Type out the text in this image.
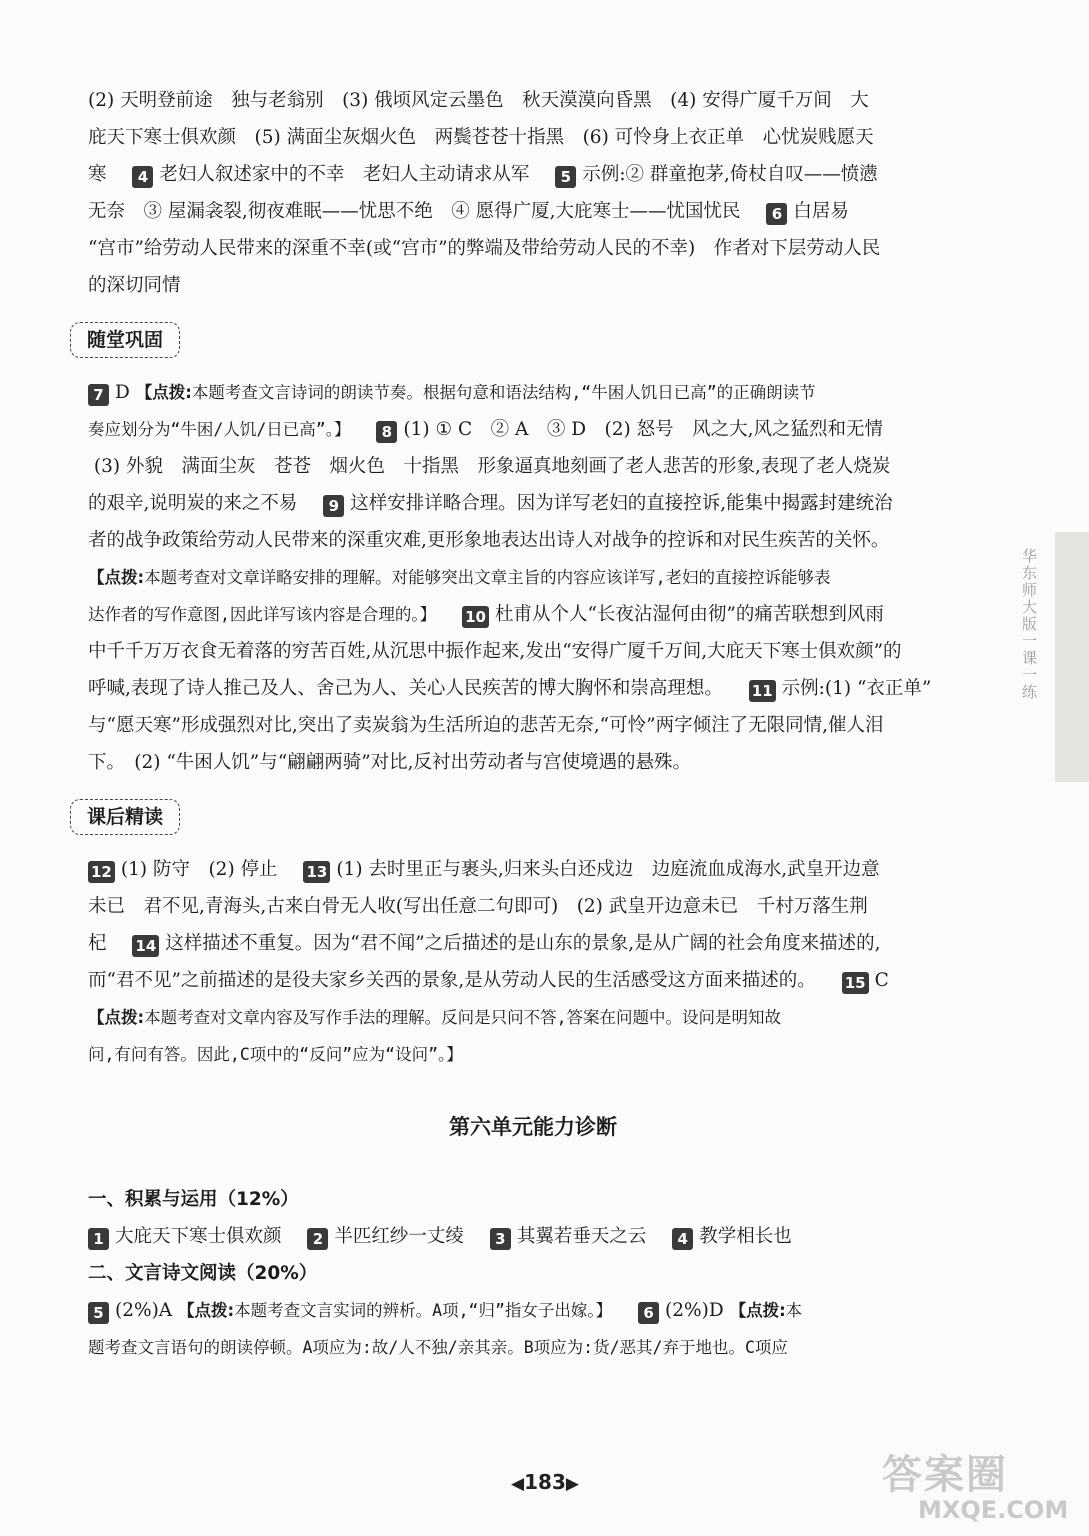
(2) 天明登前途　独与老翁别　(3) 俄顷风定云墨色　秋天漠漠向昏黑　(4) 安得广厦千万间　大

庇天下寒士俱欢颜　(5) 满面尘灰烟火色　两鬓苍苍十指黑　(6) 可怜身上衣正单　心忧炭贱愿天

寒 4 老妇人叙述家中的不幸　老妇人主动请求从军 5 示例:② 群童抱茅,倚杖自叹——愤懑

无奈　③ 屋漏衾裂,彻夜难眠——忧思不绝　④ 愿得广厦,大庇寒士——忧国忧民 6 白居易

“宫市”给劳动人民带来的深重不幸(或“宫市”的弊端及带给劳动人民的不幸)　作者对下层劳动人民

的深切同情

随堂巩固

7 D 【点拨:本题考查文言诗词的朗读节奏。根据句意和语法结构,“牛困人饥日已高”的正确朗读节

奏应划分为“牛困/人饥/日已高”。】 8 (1) ① C　② A　③ D　(2) 怒号　风之大,风之猛烈和无情

(3) 外貌　满面尘灰　苍苍　烟火色　十指黑　形象逼真地刻画了老人悲苦的形象,表现了老人烧炭

的艰辛,说明炭的来之不易 9 这样安排详略合理。因为详写老妇的直接控诉,能集中揭露封建统治

者的战争政策给劳动人民带来的深重灾难,更形象地表达出诗人对战争的控诉和对民生疾苦的关怀。

【点拨:本题考查对文章详略安排的理解。对能够突出文章主旨的内容应该详写,老妇的直接控诉能够表

达作者的写作意图,因此详写该内容是合理的。】 10 杜甫从个人“长夜沾湿何由彻”的痛苦联想到风雨

中千千万万衣食无着落的穷苦百姓,从沉思中振作起来,发出“安得广厦千万间,大庇天下寒士俱欢颜”的

呼喊,表现了诗人推己及人、舍己为人、关心人民疾苦的博大胸怀和崇高理想。 11 示例:(1) “衣正单”

与“愿天寒”形成强烈对比,突出了卖炭翁为生活所迫的悲苦无奈,“可怜”两字倾注了无限同情,催人泪

下。　(2) “牛困人饥”与“翩翩两骑”对比,反衬出劳动者与宫使境遇的悬殊。

课后精读

12 (1) 防守　(2) 停止 13 (1) 去时里正与裹头,归来头白还戍边　边庭流血成海水,武皇开边意

未已　君不见,青海头,古来白骨无人收(写出任意二句即可)　(2) 武皇开边意未已　千村万落生荆

杞 14 这样描述不重复。因为“君不闻”之后描述的是山东的景象,是从广阔的社会角度来描述的,

而“君不见”之前描述的是役夫家乡关西的景象,是从劳动人民的生活感受这方面来描述的。 15 C

【点拨:本题考查对文章内容及写作手法的理解。反问是只问不答,答案在问题中。设问是明知故

问,有问有答。因此,C项中的“反问”应为“设问”。】

第六单元能力诊断

一、积累与运用（12%）

1 大庇天下寒士俱欢颜 2 半匹红纱一丈绫 3 其翼若垂天之云 4 教学相长也

二、文言诗文阅读（20%）

5 (2%)A 【点拨:本题考查文言实词的辨析。A项,“归”指女子出嫁。】 6 (2%)D 【点拨:本

题考查文言语句的朗读停顿。A项应为:故/人不独/亲其亲。B项应为:货/恶其/弃于地也。C项应

华东师大版一课一练
◀183▶	答案圈
MXQE.COM
